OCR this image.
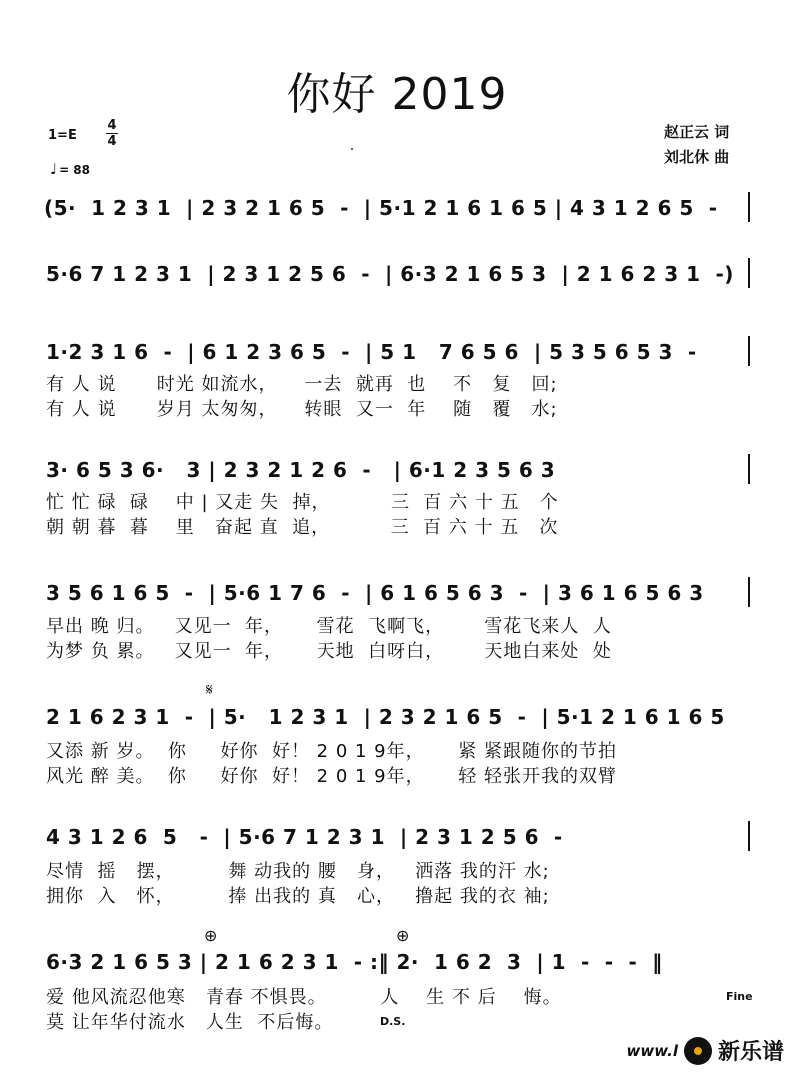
你好 2019
赵正云 词
刘北休 曲
1=E
4
4
♩ = 88
(5·  1 2 3 1  | 2 3 2 1 6 5  -  | 5·1 2 1 6 1 6 5 | 4 3 1 2 6 5  -
5·6 7 1 2 3 1  | 2 3 1 2 5 6  -  | 6·3 2 1 6 5 3  | 2 1 6 2 3 1  -)
1·2 3 1 6  -  | 6 1 2 3 6 5  -  | 5 1   7 6 5 6  | 5 3 5 6 5 3  -
有 人 说      时光 如流水，    一去  就再  也    不   复   回;
有 人 说      岁月 太匆匆，    转眼  又一  年    随   覆   水;
3· 6 5 3 6·   3 | 2 3 2 1 2 6  -   | 6·1 2 3 5 6 3
忙 忙 碌  碌    中 | 又走 失  掉，         三  百 六 十 五   个
朝 朝 暮  暮    里   奋起 直  追，         三  百 六 十 五   次
3 5 6 1 6 5  -  | 5·6 1 7 6  -  | 6 1 6 5 6 3  -  | 3 6 1 6 5 6 3
早出 晚 归。   又见一  年，     雪花  飞啊飞，      雪花飞来人  人
为梦 负 累。   又见一  年，     天地  白呀白，      天地白来处  处
𝄋
2 1 6 2 3 1  -  | 5·   1 2 3 1  | 2 3 2 1 6 5  -  | 5·1 2 1 6 1 6 5
又添 新 岁。  你     好你  好！ 2 0 1 9年，     紧 紧跟随你的节拍
风光 醉 美。  你     好你  好！ 2 0 1 9年，     轻 轻张开我的双臂
4 3 1 2 6  5   -  | 5·6 7 1 2 3 1  | 2 3 1 2 5 6  -
尽情  摇   摆，        舞 动我的 腰   身，   洒落 我的汗 水;
拥你  入   怀，        捧 出我的 真   心，   撸起 我的衣 袖;
⊕	⊕
6·3 2 1 6 5 3 | 2 1 6 2 3 1  - :‖ 2·  1 6 2  3  | 1  -  -  -  ‖
爱 他风流忍他寒   青春 不惧畏。        人    生 不 后    悔。
莫 让年华付流水   人生  不后悔。
Fine
D.S.
www.l 新乐谱
